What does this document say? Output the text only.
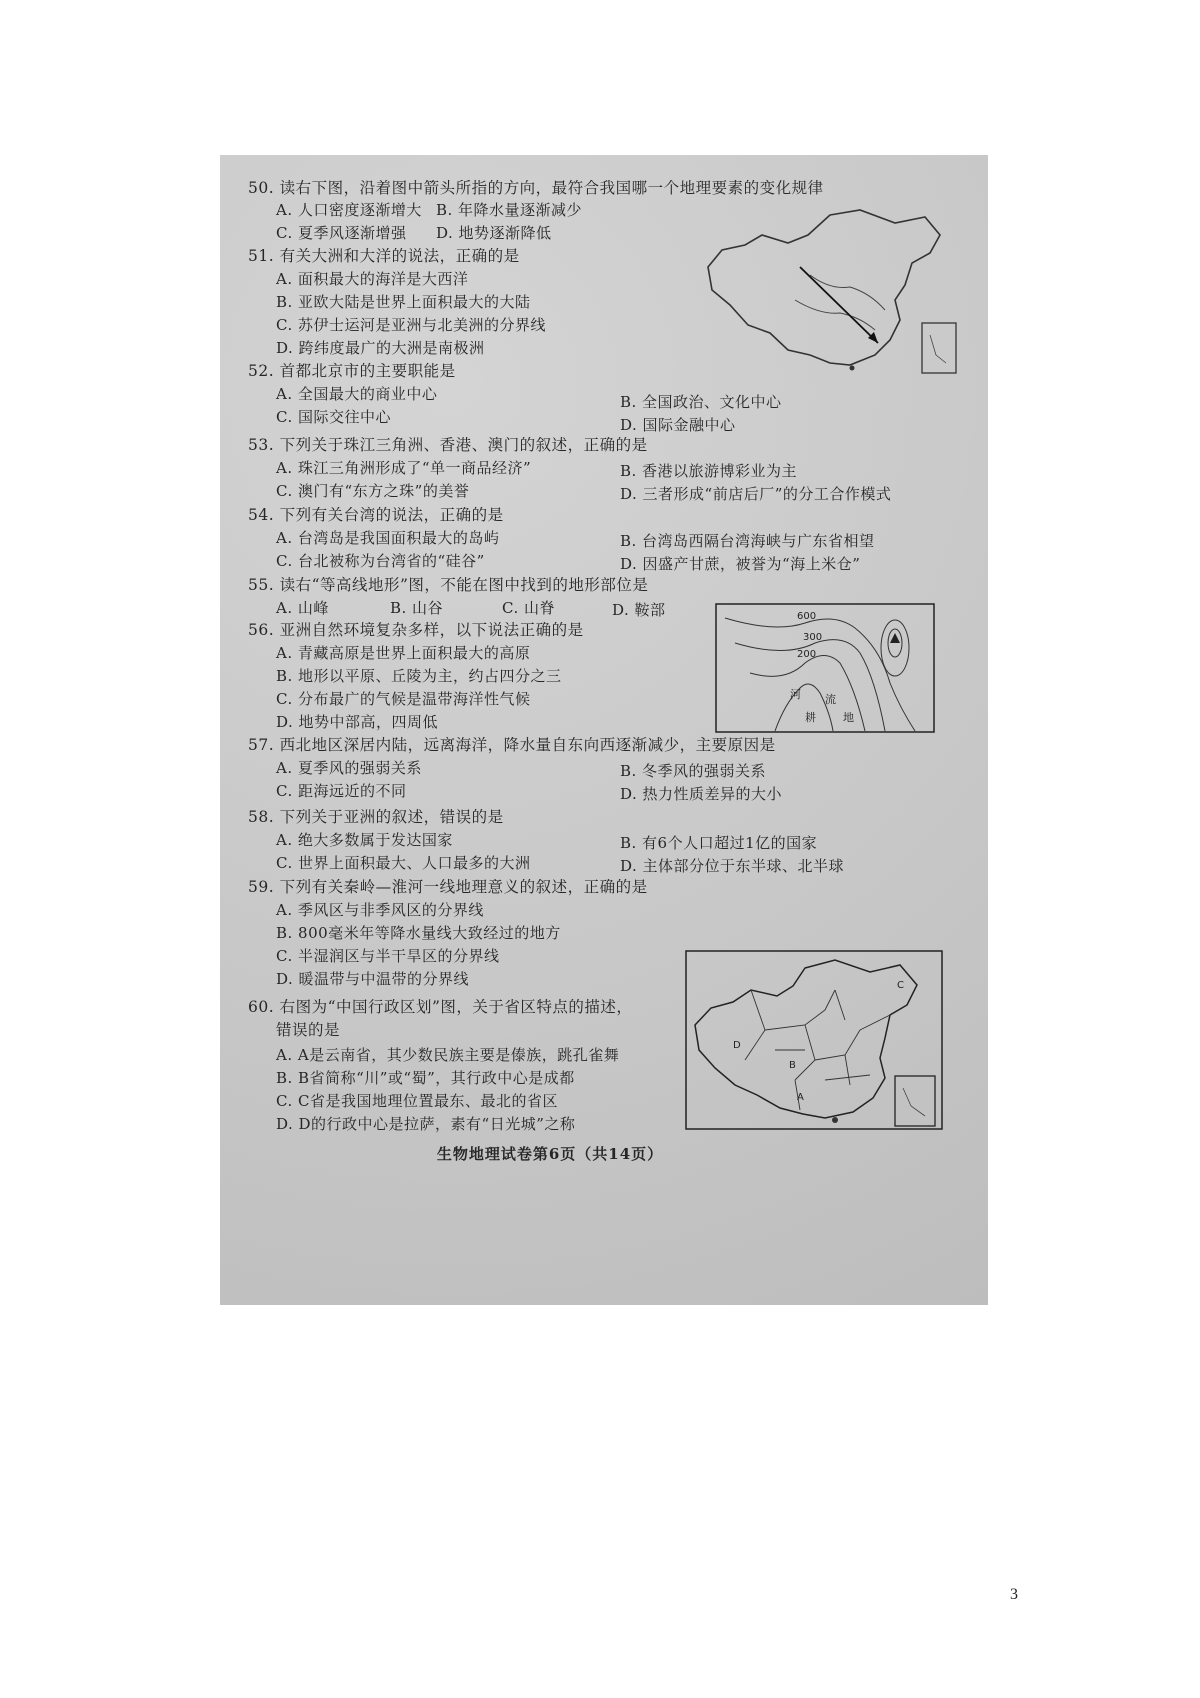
50. 读右下图，沿着图中箭头所指的方向，最符合我国哪一个地理要素的变化规律
A. 人口密度逐渐增大 B. 年降水量逐渐减少
C. 夏季风逐渐增强 D. 地势逐渐降低
51. 有关大洲和大洋的说法，正确的是
A. 面积最大的海洋是大西洋
B. 亚欧大陆是世界上面积最大的大陆
C. 苏伊士运河是亚洲与北美洲的分界线
D. 跨纬度最广的大洲是南极洲
52. 首都北京市的主要职能是
A. 全国最大的商业中心	B. 全国政治、文化中心
C. 国际交往中心	D. 国际金融中心
53. 下列关于珠江三角洲、香港、澳门的叙述，正确的是
A. 珠江三角洲形成了“单一商品经济”	B. 香港以旅游博彩业为主
C. 澳门有“东方之珠”的美誉	D. 三者形成“前店后厂”的分工合作模式
54. 下列有关台湾的说法，正确的是
A. 台湾岛是我国面积最大的岛屿	B. 台湾岛西隔台湾海峡与广东省相望
C. 台北被称为台湾省的“硅谷”	D. 因盛产甘蔗，被誉为“海上米仓”
55. 读右“等高线地形”图，不能在图中找到的地形部位是
A. 山峰	B. 山谷	C. 山脊	D. 鞍部	600
300
200
河 流
耕 地
56. 亚洲自然环境复杂多样，以下说法正确的是
A. 青藏高原是世界上面积最大的高原
B. 地形以平原、丘陵为主，约占四分之三
C. 分布最广的气候是温带海洋性气候
D. 地势中部高，四周低
57. 西北地区深居内陆，远离海洋，降水量自东向西逐渐减少，主要原因是
A. 夏季风的强弱关系	B. 冬季风的强弱关系
C. 距海远近的不同	D. 热力性质差异的大小
58. 下列关于亚洲的叙述，错误的是
A. 绝大多数属于发达国家	B. 有6个人口超过1亿的国家
C. 世界上面积最大、人口最多的大洲	D. 主体部分位于东半球、北半球
59. 下列有关秦岭—淮河一线地理意义的叙述，正确的是
A. 季风区与非季风区的分界线
B. 800毫米年等降水量线大致经过的地方
C. 半湿润区与半干旱区的分界线
D. 暖温带与中温带的分界线
D
B
A
C
60. 右图为“中国行政区划”图，关于省区特点的描述，
错误的是
A. A是云南省，其少数民族主要是傣族，跳孔雀舞
B. B省简称“川”或“蜀”，其行政中心是成都
C. C省是我国地理位置最东、最北的省区
D. D的行政中心是拉萨，素有“日光城”之称
生物地理试卷第6页（共14页）
3
